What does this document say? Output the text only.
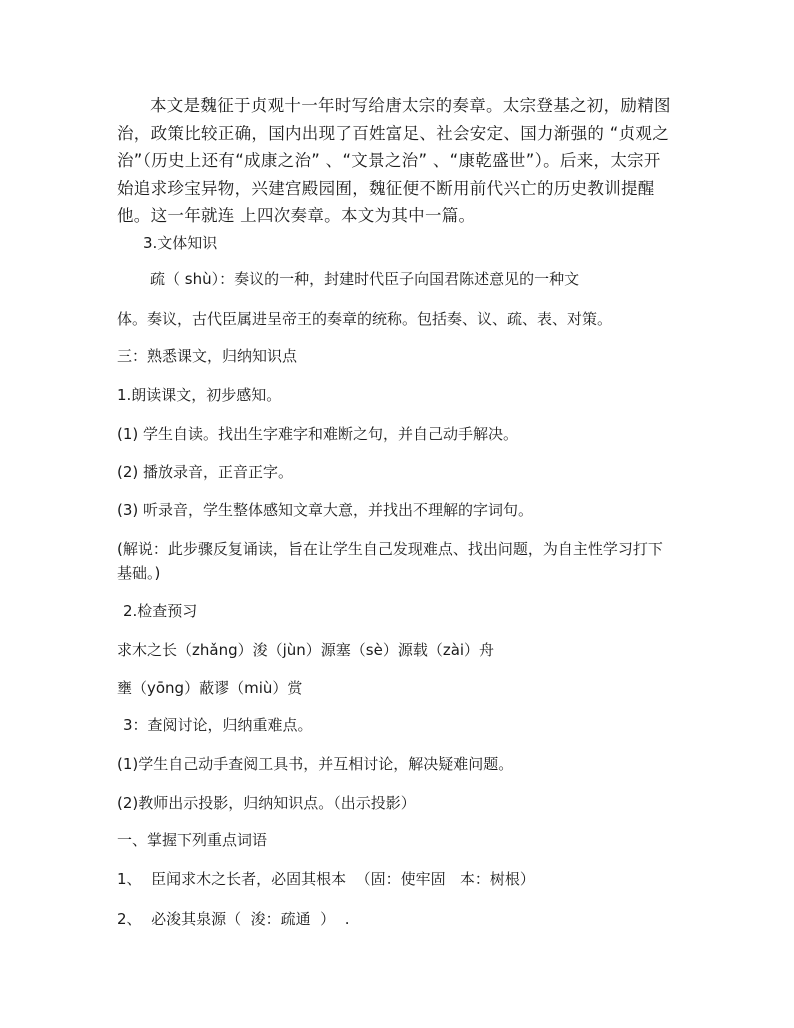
本文是魏征于贞观十一年时写给唐太宗的奏章。太宗登基之初，励精图治，政策比较正确，国内出现了百姓富足、社会安定、国力渐强的 “贞观之治”（历史上还有“成康之治” 、“文景之治” 、“康乾盛世”）。后来，太宗开始追求珍宝异物，兴建宫殿园囿，魏征便不断用前代兴亡的历史教训提醒他。这一年就连 上四次奏章。本文为其中一篇。

3.文体知识

疏（ shù）：奏议的一种，封建时代臣子向国君陈述意见的一种文

体。奏议，古代臣属进呈帝王的奏章的统称。包括奏、议、疏、表、对策。

三：熟悉课文，归纳知识点

1.朗读课文，初步感知。

(1) 学生自读。找出生字难字和难断之句，并自己动手解决。

(2) 播放录音，正音正字。

(3) 听录音，学生整体感知文章大意，并找出不理解的字词句。

(解说：此步骤反复诵读，旨在让学生自己发现难点、找出问题，为自主性学习打下基础。)

2.检查预习

求木之长（zhǎng）浚（jùn）源塞（sè）源载（zài）舟

壅（yōng）蔽谬（miù）赏

3：查阅讨论，归纳重难点。

(1)学生自己动手查阅工具书，并互相讨论，解决疑难问题。

(2)教师出示投影，归纳知识点。（出示投影）

一、掌握下列重点词语

1、  臣闻求木之长者，必固其根本  （固：使牢固   本：树根）

2、  必浚其泉源（  浚：疏通  ）  .
